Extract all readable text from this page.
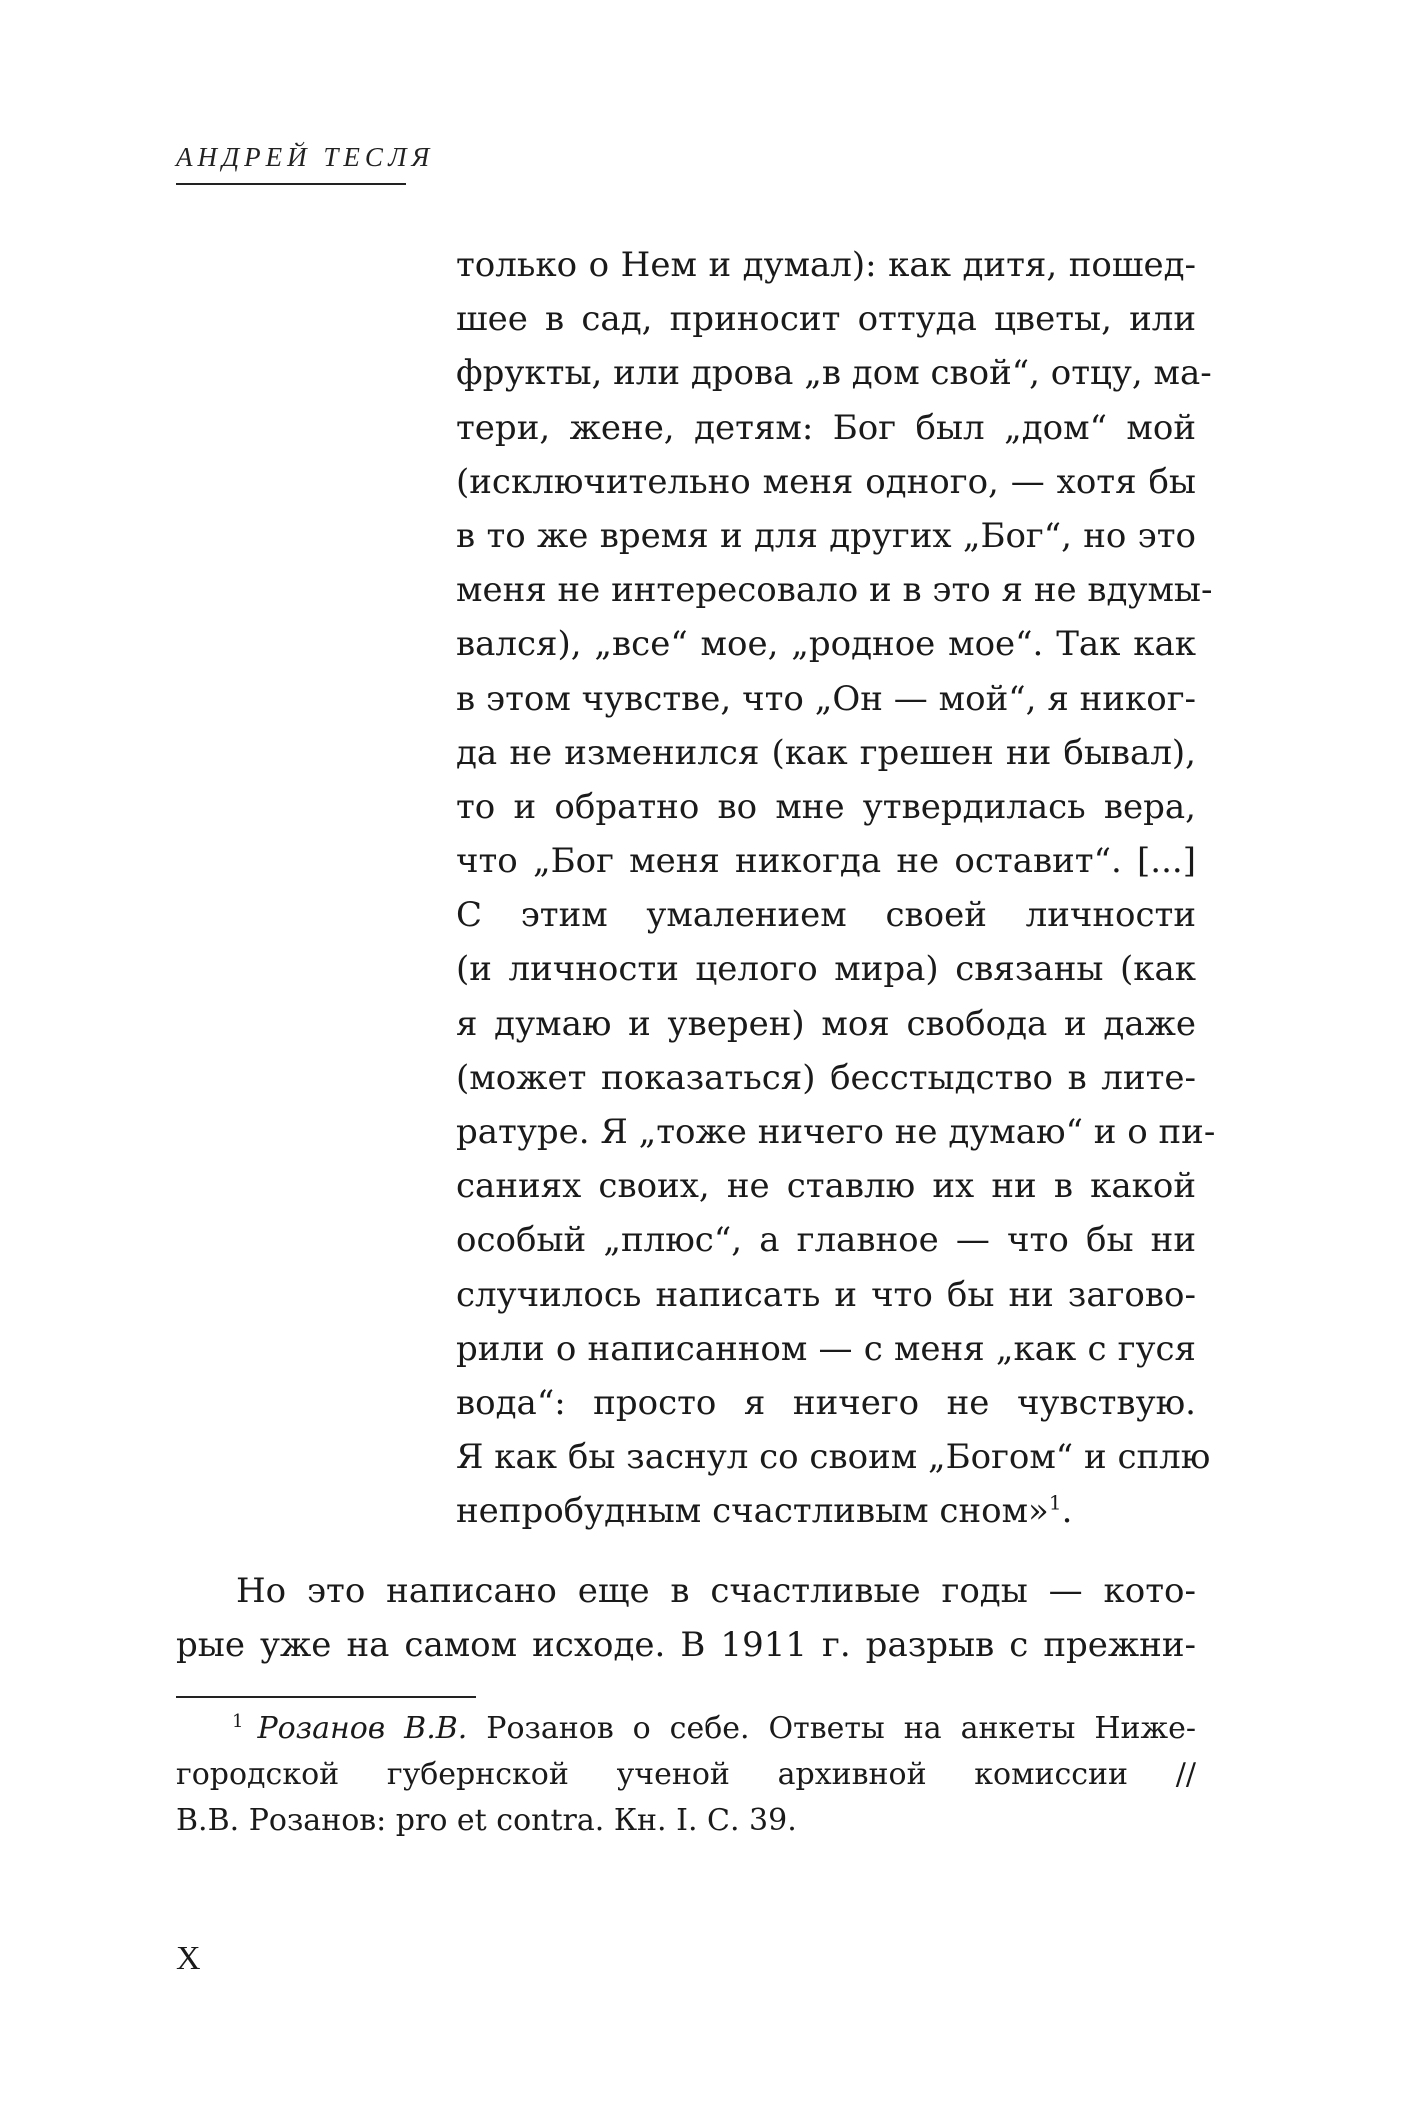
АНДРЕЙ ТЕСЛЯ
только о Нем и думал): как дитя, пошед-
шее в сад, приносит оттуда цветы, или
фрукты, или дрова „в дом свой“, отцу, ма-
тери, жене, детям: Бог был „дом“ мой
(исключительно меня одного, — хотя бы
в то же время и для других „Бог“, но это
меня не интересовало и в это я не вдумы-
вался), „все“ мое, „родное мое“. Так как
в этом чувстве, что „Он — мой“, я никог-
да не изменился (как грешен ни бывал),
то и обратно во мне утвердилась вера,
что „Бог меня никогда не оставит“. [...]
С этим умалением своей личности
(и личности целого мира) связаны (как
я думаю и уверен) моя свобода и даже
(может показаться) бесстыдство в лите-
ратуре. Я „тоже ничего не думаю“ и о пи-
саниях своих, не ставлю их ни в какой
особый „плюс“, а главное — что бы ни
случилось написать и что бы ни загово-
рили о написанном — с меня „как с гуся
вода“: просто я ничего не чувствую.
Я как бы заснул со своим „Богом“ и сплю
непробудным счастливым сном»$^1$.
Но это написано еще в счастливые годы — кото-
рые уже на самом исходе. В 1911 г. разрыв с прежни-
$^1$ Розанов В.В. Розанов о себе. Ответы на анкеты Ниже-
городской губернской ученой архивной комиссии //
В.В. Розанов: pro et contra. Кн. I. С. 39.
X
